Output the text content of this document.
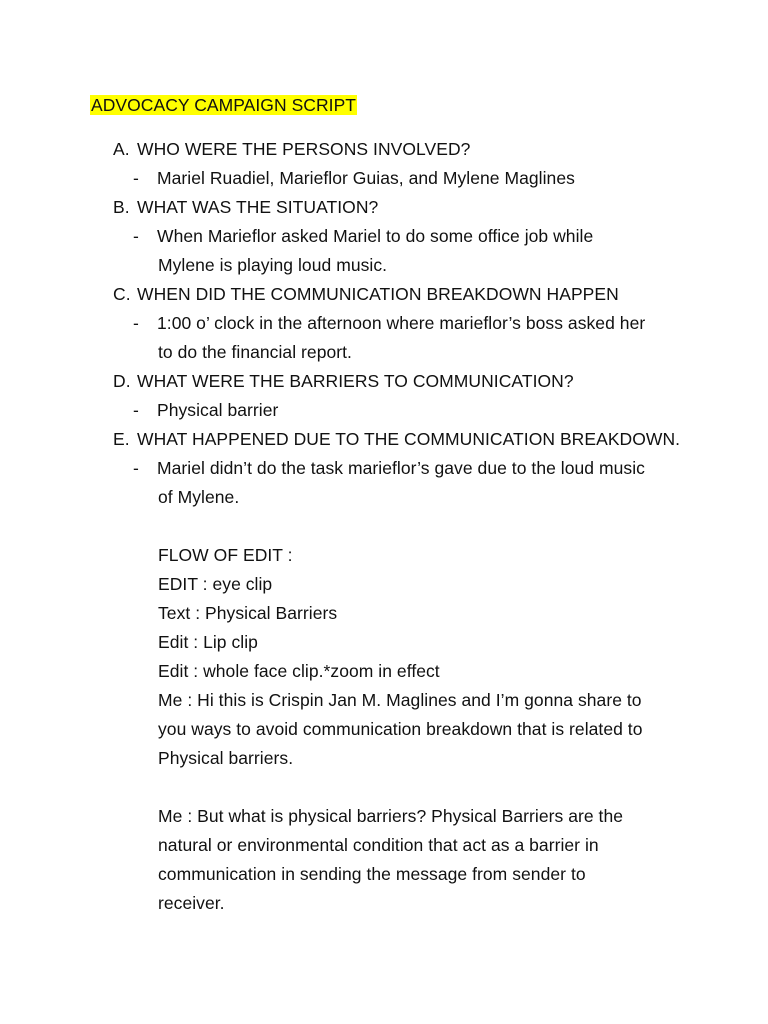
ADVOCACY CAMPAIGN SCRIPT
A. WHO WERE THE PERSONS INVOLVED?
- Mariel Ruadiel, Marieflor Guias, and Mylene Maglines
B. WHAT WAS THE SITUATION?
- When Marieflor asked Mariel to do some office job while
Mylene is playing loud music.
C. WHEN DID THE COMMUNICATION BREAKDOWN HAPPEN
- 1:00 o’ clock in the afternoon where marieflor’s boss asked her
to do the financial report.
D. WHAT WERE THE BARRIERS TO COMMUNICATION?
- Physical barrier
E. WHAT HAPPENED DUE TO THE COMMUNICATION BREAKDOWN.
- Mariel didn’t do the task marieflor’s gave due to the loud music
of Mylene.
FLOW OF EDIT :
EDIT : eye clip
Text : Physical Barriers
Edit : Lip clip
Edit : whole face clip.*zoom in effect
Me : Hi this is Crispin Jan M. Maglines and I’m gonna share to
you ways to avoid communication breakdown that is related to
Physical barriers.
Me : But what is physical barriers? Physical Barriers are the
natural or environmental condition that act as a barrier in
communication in sending the message from sender to
receiver.
